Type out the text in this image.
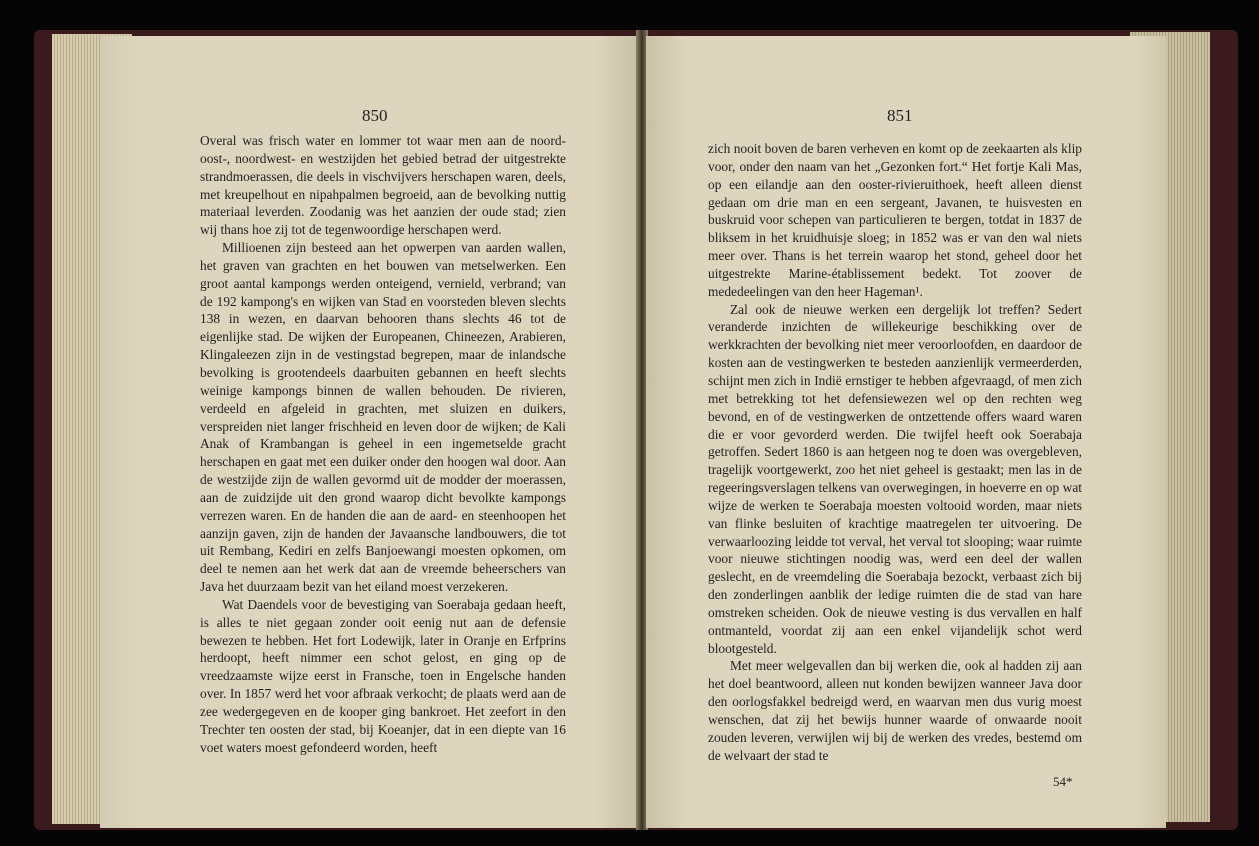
850

Overal was frisch water en lommer tot waar men aan de noord-oost-, noordwest- en westzijden het gebied betrad der uitgestrekte strandmoerassen, die deels in vischvijvers herschapen waren, deels, met kreupelhout en nipahpalmen begroeid, aan de bevolking nuttig materiaal leverden. Zoodanig was het aanzien der oude stad; zien wij thans hoe zij tot de tegenwoordige herschapen werd.

Millioenen zijn besteed aan het opwerpen van aarden wallen, het graven van grachten en het bouwen van metselwerken. Een groot aantal kampongs werden onteigend, vernield, verbrand; van de 192 kampong's en wijken van Stad en voorsteden bleven slechts 138 in wezen, en daarvan behooren thans slechts 46 tot de eigenlijke stad. De wijken der Europeanen, Chineezen, Arabieren, Klingaleezen zijn in de vestingstad begrepen, maar de inlandsche bevolking is grootendeels daarbuiten gebannen en heeft slechts weinige kampongs binnen de wallen behouden. De rivieren, verdeeld en afgeleid in grachten, met sluizen en duikers, verspreiden niet langer frischheid en leven door de wijken; de Kali Anak of Krambangan is geheel in een ingemetselde gracht herschapen en gaat met een duiker onder den hoogen wal door. Aan de westzijde zijn de wallen gevormd uit de modder der moerassen, aan de zuidzijde uit den grond waarop dicht bevolkte kampongs verrezen waren. En de handen die aan de aard- en steenhoopen het aanzijn gaven, zijn de handen der Javaansche landbouwers, die tot uit Rembang, Kediri en zelfs Banjoewangi moesten opkomen, om deel te nemen aan het werk dat aan de vreemde beheerschers van Java het duurzaam bezit van het eiland moest verzekeren.

Wat Daendels voor de bevestiging van Soerabaja gedaan heeft, is alles te niet gegaan zonder ooit eenig nut aan de defensie bewezen te hebben. Het fort Lodewijk, later in Oranje en Erfprins herdoopt, heeft nimmer een schot gelost, en ging op de vreedzaamste wijze eerst in Fransche, toen in Engelsche handen over. In 1857 werd het voor afbraak verkocht; de plaats werd aan de zee wedergegeven en de kooper ging bankroet. Het zeefort in den Trechter ten oosten der stad, bij Koeanjer, dat in een diepte van 16 voet waters moest gefondeerd worden, heeft

851

zich nooit boven de baren verheven en komt op de zeekaarten als klip voor, onder den naam van het „Gezonken fort.“ Het fortje Kali Mas, op een eilandje aan den ooster-rivieruithoek, heeft alleen dienst gedaan om drie man en een sergeant, Javanen, te huisvesten en buskruid voor schepen van particulieren te bergen, totdat in 1837 de bliksem in het kruidhuisje sloeg; in 1852 was er van den wal niets meer over. Thans is het terrein waarop het stond, geheel door het uitgestrekte Marine-établissement bedekt. Tot zoover de mededeelingen van den heer Hageman¹.

Zal ook de nieuwe werken een dergelijk lot treffen? Sedert veranderde inzichten de willekeurige beschikking over de werkkrachten der bevolking niet meer veroorloofden, en daardoor de kosten aan de vestingwerken te besteden aanzienlijk vermeerderden, schijnt men zich in Indië ernstiger te hebben afgevraagd, of men zich met betrekking tot het defensiewezen wel op den rechten weg bevond, en of de vestingwerken de ontzettende offers waard waren die er voor gevorderd werden. Die twijfel heeft ook Soerabaja getroffen. Sedert 1860 is aan hetgeen nog te doen was overgebleven, tragelijk voortgewerkt, zoo het niet geheel is gestaakt; men las in de regeeringsverslagen telkens van overwegingen, in hoeverre en op wat wijze de werken te Soerabaja moesten voltooid worden, maar niets van flinke besluiten of krachtige maatregelen ter uitvoering. De verwaarloozing leidde tot verval, het verval tot slooping; waar ruimte voor nieuwe stichtingen noodig was, werd een deel der wallen geslecht, en de vreemdeling die Soerabaja bezockt, verbaast zich bij den zonderlingen aanblik der ledige ruimten die de stad van hare omstreken scheiden. Ook de nieuwe vesting is dus vervallen en half ontmanteld, voordat zij aan een enkel vijandelijk schot werd blootgesteld.

Met meer welgevallen dan bij werken die, ook al hadden zij aan het doel beantwoord, alleen nut konden bewijzen wanneer Java door den oorlogsfakkel bedreigd werd, en waarvan men dus vurig moest wenschen, dat zij het bewijs hunner waarde of onwaarde nooit zouden leveren, verwijlen wij bij de werken des vredes, bestemd om de welvaart der stad te

54*
